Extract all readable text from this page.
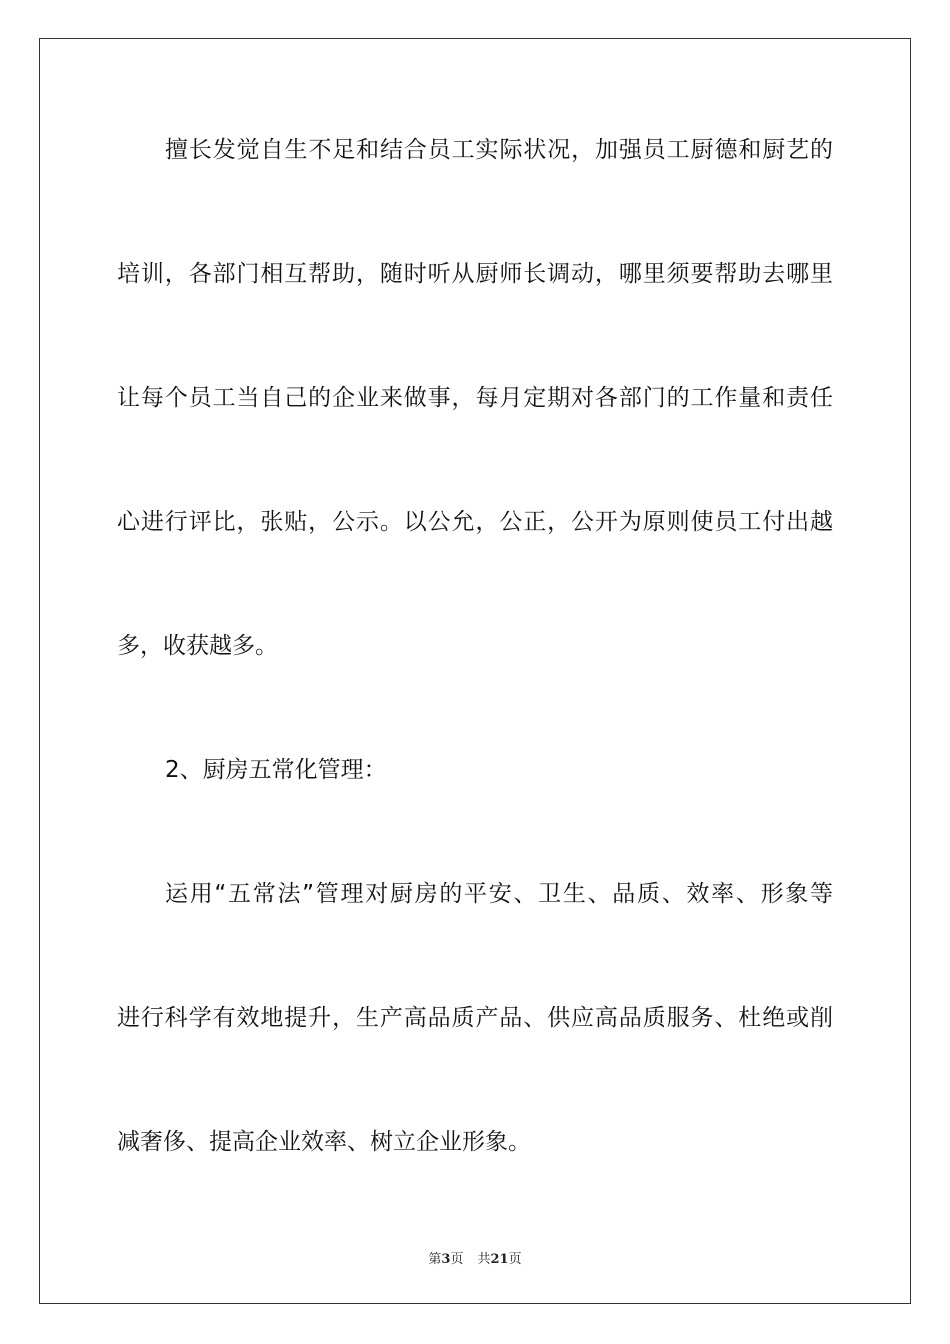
擅长发觉自生不足和结合员工实际状况，加强员工厨德和厨艺的
培训，各部门相互帮助，随时听从厨师长调动，哪里须要帮助去哪里
让每个员工当自己的企业来做事，每月定期对各部门的工作量和责任
心进行评比，张贴，公示。以公允，公正，公开为原则使员工付出越
多，收获越多。
2、厨房五常化管理：
运用“五常法”管理对厨房的平安、卫生、品质、效率、形象等
进行科学有效地提升，生产高品质产品、供应高品质服务、杜绝或削
减奢侈、提高企业效率、树立企业形象。
第3页 共21页
